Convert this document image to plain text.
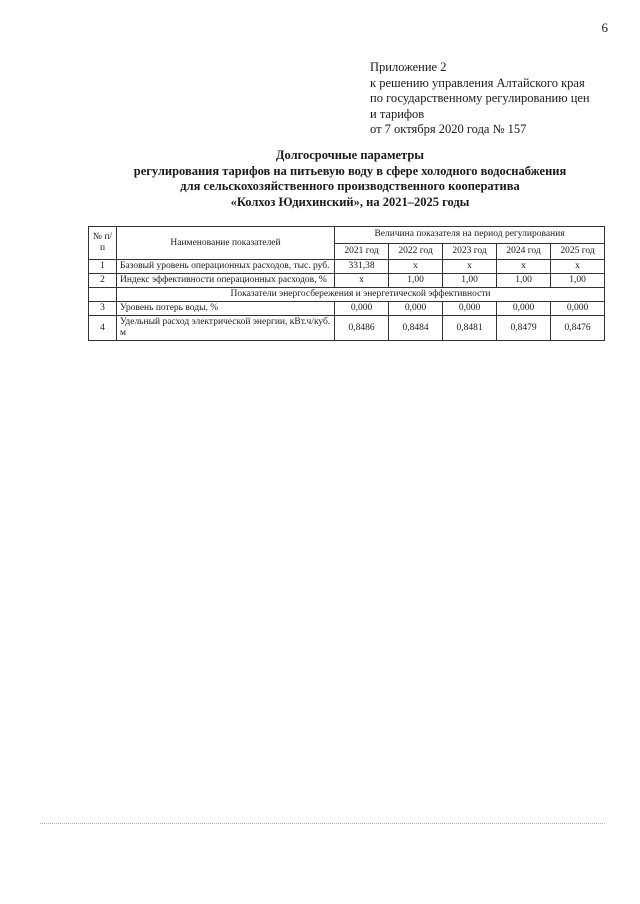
6
Приложение 2
к решению управления Алтайского края
по государственному регулированию цен
и тарифов
от 7 октября 2020 года № 157
Долгосрочные параметры
регулирования тарифов на питьевую воду в сфере холодного водоснабжения
для сельскохозяйственного производственного кооператива
«Колхоз Юдихинский», на 2021–2025 годы
№ п/п	Наименование показателей	Величина показателя на период регулирования				
		2021 год	2022 год	2023 год	2024 год	2025 год
1	Базовый уровень операционных расходов, тыс. руб.	331,38	x	x	x	x
2	Индекс эффективности операционных расходов, %	x	1,00	1,00	1,00	1,00
	Показатели энергосбережения и энергетической эффективности					
3	Уровень потерь воды, %	0,000	0,000	0,000	0,000	0,000
4	Удельный расход электрической энергии, кВт.ч/куб. м	0,8486	0,8484	0,8481	0,8479	0,8476
